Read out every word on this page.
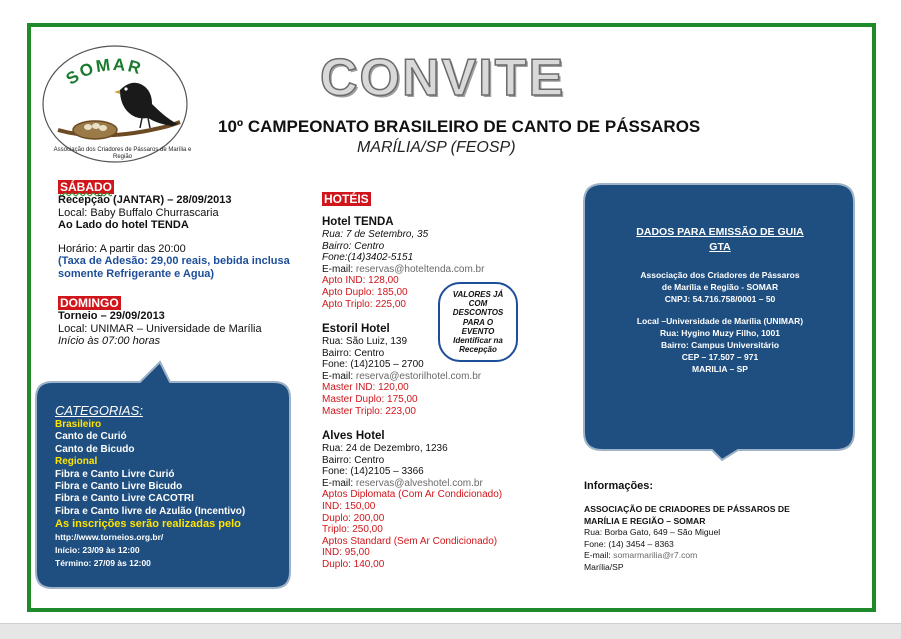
SOMAR
Associação dos Criadores de Pássaros de Marília e Região
CONVITE
10º CAMPEONATO BRASILEIRO DE CANTO DE PÁSSAROS
MARÍLIA/SP (FEOSP)
SÁBADO
Recepção (JANTAR) – 28/09/2013
Local: Baby Buffalo Churrascaria
Ao Lado do hotel TENDA
Horário: A partir das 20:00
(Taxa de Adesão: 29,00 reais, bebida inclusa
somente Refrigerante e Agua)
DOMINGO
Torneio – 29/09/2013
Local: UNIMAR – Universidade de Marília
Início às 07:00 horas
CATEGORIAS:
Brasileiro
Canto de Curió
Canto de Bicudo
Regional
Fibra e Canto Livre Curió
Fibra e Canto Livre Bicudo
Fibra e Canto Livre CACOTRI
Fibra e Canto livre de Azulão (Incentivo)
As inscrições serão realizadas pelo
http://www.torneios.org.br/
Início: 23/09 às 12:00
Término: 27/09 às 12:00
HOTÉIS
Hotel TENDA
Rua: 7 de Setembro, 35
Bairro: Centro
Fone:(14)3402-5151
E-mail: reservas@hoteltenda.com.br
Apto IND: 128,00
Apto Duplo: 185,00
Apto Triplo: 225,00
Estoril Hotel
Rua: São Luiz, 139
Bairro: Centro
Fone: (14)2105 – 2700
E-mail: reserva@estorilhotel.com.br
Master IND: 120,00
Master Duplo: 175,00
Master Triplo: 223,00
Alves Hotel
Rua: 24 de Dezembro, 1236
Bairro: Centro
Fone: (14)2105 – 3366
E-mail: reservas@alveshotel.com.br
Aptos Diplomata (Com Ar Condicionado)
IND: 150,00
Duplo: 200,00
Triplo: 250,00
Aptos Standard (Sem Ar Condicionado)
IND: 95,00
Duplo: 140,00
VALORES JÁ
COM
DESCONTOS
PARA O
EVENTO
Identificar na
Recepção
DADOS PARA EMISSÃO DE GUIA
GTA
Associação dos Criadores de Pássaros
de Marília e Região - SOMAR
CNPJ: 54.716.758/0001 – 50
Local –Universidade de Marília (UNIMAR)
Rua: Hygino Muzy Filho, 1001
Bairro: Campus Universitário
CEP – 17.507 – 971
MARILIA – SP
Informações:
ASSOCIAÇÃO DE CRIADORES DE PÁSSAROS DE
MARÍLIA E REGIÃO – SOMAR
Rua: Borba Gato, 649 – São Miguel
Fone: (14) 3454 – 8363
E-mail: somarmarilia@r7.com
Marília/SP
